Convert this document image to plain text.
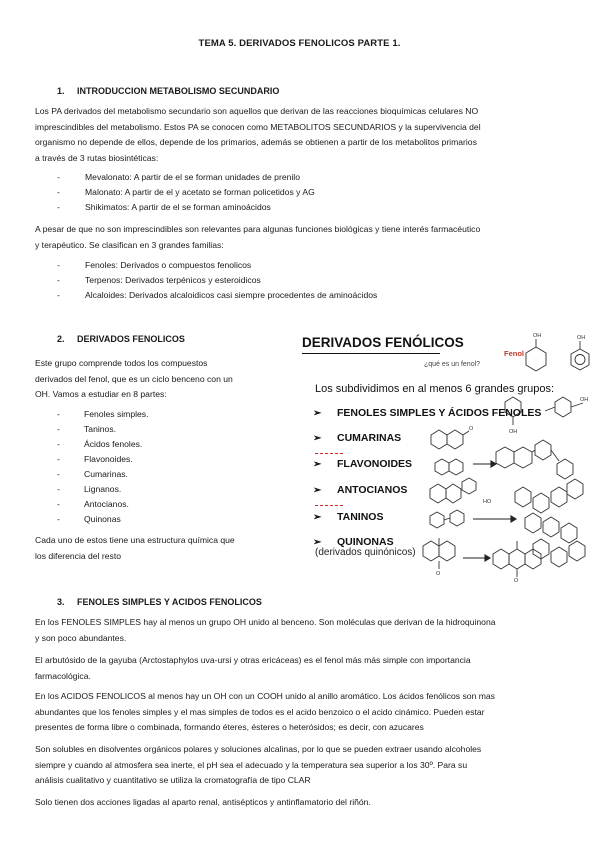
TEMA 5. DERIVADOS FENOLICOS PARTE 1.
1. INTRODUCCION METABOLISMO SECUNDARIO
Los PA derivados del metabolismo secundario son aquellos que derivan de las reacciones bioquímicas celulares NO
imprescindibles del metabolismo. Estos PA se conocen como METABOLITOS SECUNDARIOS y la supervivencia del
organismo no depende de ellos, depende de los primarios, además se obtienen a partir de los metabolitos primarios
a través de 3 rutas biosintéticas:
-	Mevalonato: A partir de el se forman unidades de prenilo
-	Malonato: A partir de el y acetato se forman policetidos y AG
-	Shikimatos: A partir de el se forman aminoácidos
A pesar de que no son imprescindibles son relevantes para algunas funciones biológicas y tiene interés farmacéutico
y terapéutico. Se clasifican en 3 grandes familias:
-	Fenoles: Derivados o compuestos fenolicos
-	Terpenos: Derivados terpénicos y esteroidicos
-	Alcaloides: Derivados alcaloidicos casi siempre procedentes de aminoácidos
2. DERIVADOS FENOLICOS
Este grupo comprende todos los compuestos
derivados del fenol, que es un ciclo benceno con un
OH. Vamos a estudiar en 8 partes:
-	Fenoles simples.
-	Taninos.
-	Ácidos fenoles.
-	Flavonoides.
-	Cumarinas.
-	Lignanos.
-	Antocianos.
-	Quinonas
Cada uno de estos tiene una estructura química que
los diferencia del resto
OH	OH
OH
O
OH
O
O
HO
DERIVADOS FENÓLICOS
¿qué es un fenol?
Fenol
Los subdividimos en al menos 6 grandes grupos:
➢ FENOLES SIMPLES Y ÁCIDOS FENOLES
➢ CUMARINAS
➢ FLAVONOIDES
➢ ANTOCIANOS
➢ TANINOS
➢ QUINONAS
(derivados quinónicos)
3. FENOLES SIMPLES Y ACIDOS FENOLICOS
En los FENOLES SIMPLES hay al menos un grupo OH unido al benceno. Son moléculas que derivan de la hidroquinona
y son poco abundantes.
El arbutósido de la gayuba (Arctostaphylos uva-ursi y otras ericáceas) es el fenol más más simple con importancia
farmacológica.
En los ACIDOS FENOLICOS al menos hay un OH con un COOH unido al anillo aromático. Los ácidos fenólicos son mas
abundantes que los fenoles simples y el mas simples de todos es el acido benzoico o el acido cinámico. Pueden estar
presentes de forma libre o combinada, formando éteres, ésteres o heterósidos; es decir, con azucares
Son solubles en disolventes orgánicos polares y soluciones alcalinas, por lo que se pueden extraer usando alcoholes
siempre y cuando al atmosfera sea inerte, el pH sea el adecuado y la temperatura sea superior a los 30º. Para su
análisis cualitativo y cuantitativo se utiliza la cromatografía de tipo CLAR
Solo tienen dos acciones ligadas al aparto renal, antisépticos y antinflamatorio del riñón.
